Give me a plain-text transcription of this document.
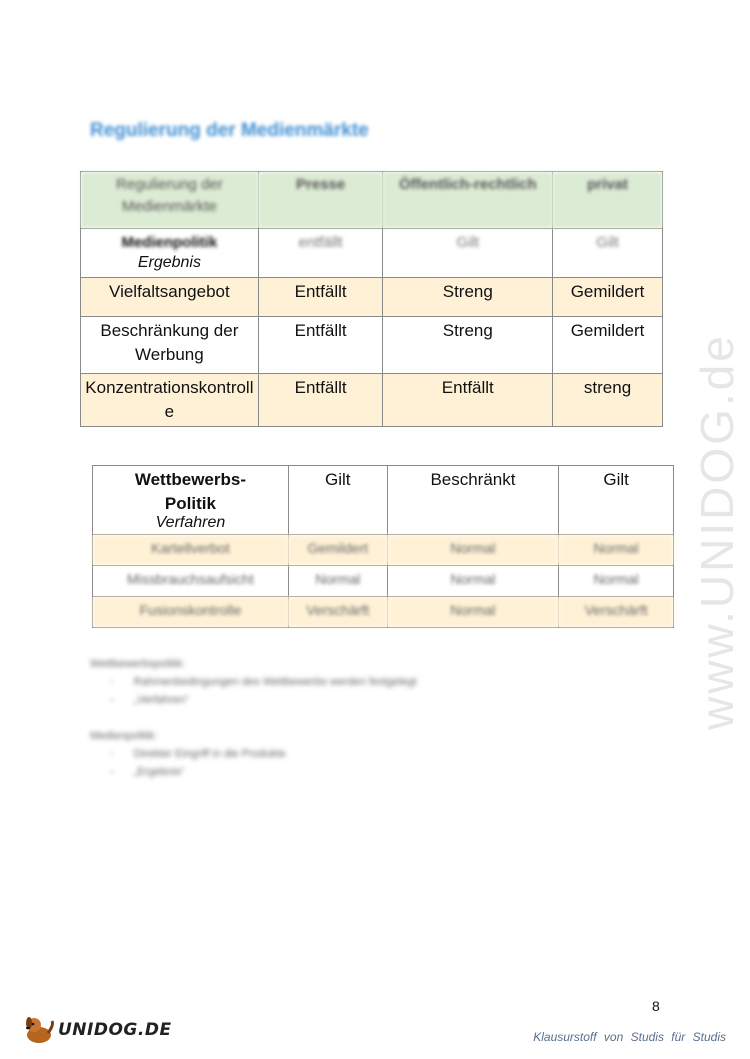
www.UNIDOG.de
Regulierung der Medienmärkte
Regulierung der Medienmärkte	Presse	Öffentlich-rechtlich	privat

Medienpolitik
Ergebnis	entfällt	Gilt	Gilt
Vielfaltsangebot	Entfällt	Streng	Gemildert
Beschränkung der Werbung	Entfällt	Streng	Gemildert
Konzentrationskontrolle	Entfällt	Entfällt	streng
Wettbewerbs-Politik
Verfahren	Gilt	Beschränkt	Gilt
Kartellverbot	Gemildert	Normal	Normal
Missbrauchsaufsicht	Normal	Normal	Normal
Fusionskontrolle	Verschärft	Normal	Verschärft
Wettbewerbspolitik:
- Rahmenbedingungen des Wettbewerbs werden festgelegt
- „Verfahren“
Medienpolitik:
- Direkter Eingriff in die Produkte
- „Ergebnis“
8
UNIDOG.DE	Klausurstoff von Studis für Studis
